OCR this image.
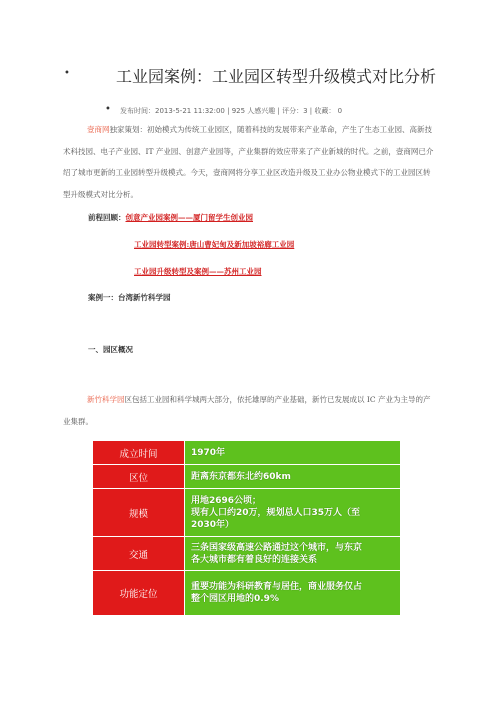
•	工业园案例：工业园区转型升级模式对比分析
• 发布时间：2013-5-21 11:32:00 | 925 人感兴趣 | 评分：3 | 收藏： 0

壹商网独家策划：初始模式为传统工业园区，随着科技的发展带来产业革命，产生了生态工业园、高新技术科技园、电子产业园、IT 产业园、创意产业园等，产业集群的效应带来了产业新城的时代。之前，壹商网已介绍了城市更新的工业园转型升级模式。今天，壹商网将分享工业区改造升级及工业办公物业模式下的工业园区转型升级模式对比分析。

前程回顾：创意产业园案例——厦门留学生创业园
工业园转型案例:唐山曹妃甸及新加坡裕廊工业园
工业园升级转型及案例——苏州工业园
案例一：台湾新竹科学园
一、园区概况

新竹科学园区包括工业园和科学城两大部分，依托雄厚的产业基础，新竹已发展成以 IC 产业为主导的产业集群。

成立时间	1970年

区位	距离东京都东北约60km

规模	用地2696公顷；
现有人口约20万，规划总人口35万人（至
2030年）

交通	三条国家级高速公路通过这个城市，与东京
各大城市都有着良好的连接关系

功能定位	重要功能为科研教育与居住，商业服务仅占
整个园区用地的0.9%
